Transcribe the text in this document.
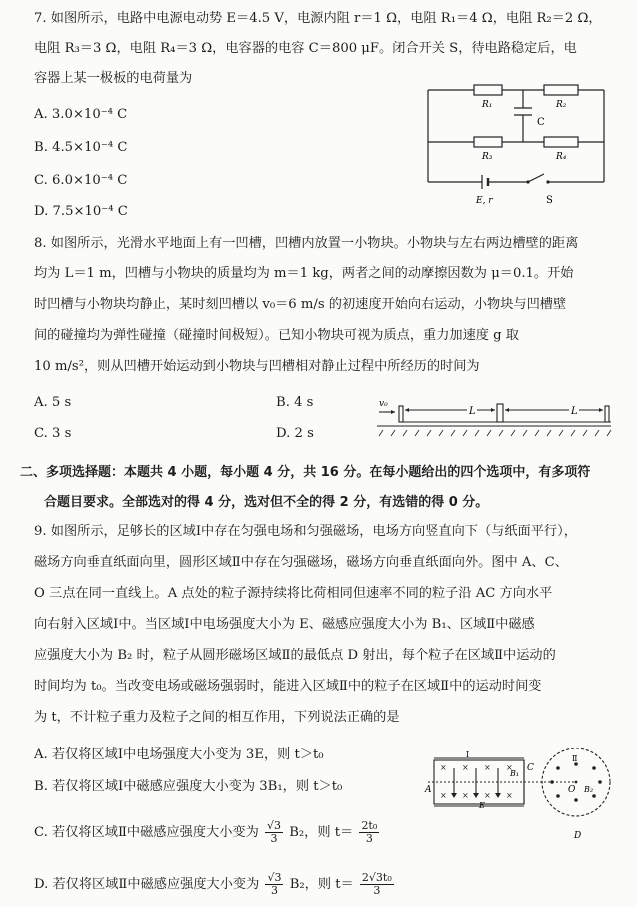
7. 如图所示，电路中电源电动势 E＝4.5 V，电源内阻 r＝1 Ω，电阻 R₁＝4 Ω，电阻 R₂＝2 Ω，
电阻 R₃＝3 Ω，电阻 R₄＝3 Ω，电容器的电容 C＝800 μF。闭合开关 S，待电路稳定后，电
容器上某一极板的电荷量为
A. 3.0×10⁻⁴ C
B. 4.5×10⁻⁴ C
C. 6.0×10⁻⁴ C
D. 7.5×10⁻⁴ C
R₁	R₂
C
R₃	R₄
E, r	S
8. 如图所示，光滑水平地面上有一凹槽，凹槽内放置一小物块。小物块与左右两边槽壁的距离
均为 L＝1 m，凹槽与小物块的质量均为 m＝1 kg，两者之间的动摩擦因数为 μ＝0.1。开始
时凹槽与小物块均静止，某时刻凹槽以 v₀＝6 m/s 的初速度开始向右运动，小物块与凹槽壁
间的碰撞均为弹性碰撞（碰撞时间极短）。已知小物块可视为质点，重力加速度 g 取
10 m/s²，则从凹槽开始运动到小物块与凹槽相对静止过程中所经历的时间为
A. 5 s	B. 4 s
C. 3 s	D. 2 s
v₀
L	L
二、多项选择题：本题共 4 小题，每小题 4 分，共 16 分。在每小题给出的四个选项中，有多项符
合题目要求。全部选对的得 4 分，选对但不全的得 2 分，有选错的得 0 分。
9. 如图所示，足够长的区域Ⅰ中存在匀强电场和匀强磁场，电场方向竖直向下（与纸面平行），
磁场方向垂直纸面向里，圆形区域Ⅱ中存在匀强磁场，磁场方向垂直纸面向外。图中 A、C、
O 三点在同一直线上。A 点处的粒子源持续将比荷相同但速率不同的粒子沿 AC 方向水平
向右射入区域Ⅰ中。当区域Ⅰ中电场强度大小为 E、磁感应强度大小为 B₁、区域Ⅱ中磁感
应强度大小为 B₂ 时，粒子从圆形磁场区域Ⅱ的最低点 D 射出，每个粒子在区域Ⅱ中运动的
时间均为 t₀。当改变电场或磁场强弱时，能进入区域Ⅱ中的粒子在区域Ⅱ中的运动时间变
为 t，不计粒子重力及粒子之间的相互作用，下列说法正确的是
A. 若仅将区域Ⅰ中电场强度大小变为 3E，则 t＞t₀
B. 若仅将区域Ⅰ中磁感应强度大小变为 3B₁，则 t＞t₀
C. 若仅将区域Ⅱ中磁感应强度大小变为 $\frac{√3}{3} B_2$，则 $t= \frac{\text{2t₀}}{3}$
D. 若仅将区域Ⅱ中磁感应强度大小变为 $\frac{√3}{3} B_2$，则 $t= \frac{\text{2√3t₀}}{3}$
× × × ×
× × × ×
Ⅰ	Ⅱ
A
C
O
D
E
B₁
B₂
